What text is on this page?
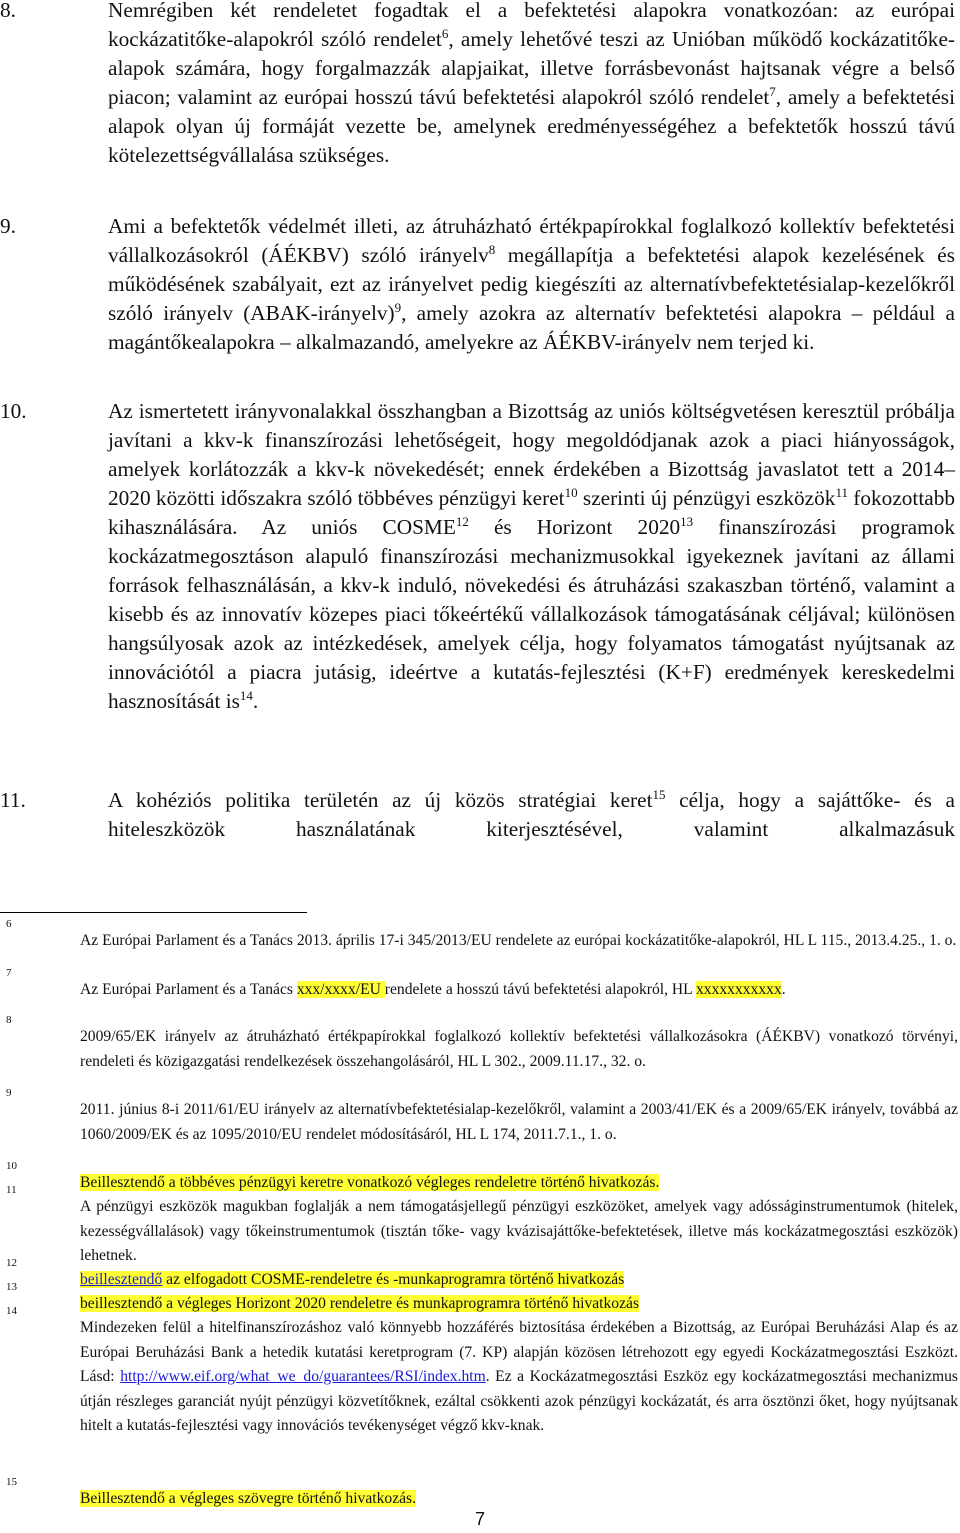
8.	Nemrégiben két rendeletet fogadtak el a befektetési alapokra vonatkozóan: az európai kockázatitőke-alapokról szóló rendelet$^6$, amely lehetővé teszi az Unióban működő kockázatitőke-alapok számára, hogy forgalmazzák alapjaikat, illetve forrásbevonást hajtsanak végre a belső piacon; valamint az európai hosszú távú befektetési alapokról szóló rendelet$^7$, amely a befektetési alapok olyan új formáját vezette be, amelynek eredményességéhez a befektetők hosszú távú kötelezettségvállalása szükséges.
9.	Ami a befektetők védelmét illeti, az átruházható értékpapírokkal foglalkozó kollektív befektetési vállalkozásokról (ÁÉKBV) szóló irányelv$^8$ megállapítja a befektetési alapok kezelésének és működésének szabályait, ezt az irányelvet pedig kiegészíti az alternatívbefektetésialap-kezelőkről szóló irányelv (ABAK-irányelv)$^9$, amely azokra az alternatív befektetési alapokra – például a magántőkealapokra – alkalmazandó, amelyekre az ÁÉKBV-irányelv nem terjed ki.
10.	Az ismertetett irányvonalakkal összhangban a Bizottság az uniós költségvetésen keresztül próbálja javítani a kkv-k finanszírozási lehetőségeit, hogy megoldódjanak azok a piaci hiányosságok, amelyek korlátozzák a kkv-k növekedését; ennek érdekében a Bizottság javaslatot tett a 2014–2020 közötti időszakra szóló többéves pénzügyi keret$^{10}$ szerinti új pénzügyi eszközök$^{11}$ fokozottabb kihasználására. Az uniós COSME$^{12}$ és Horizont 2020$^{13}$ finanszírozási programok kockázatmegosztáson alapuló finanszírozási mechanizmusokkal igyekeznek javítani az állami források felhasználásán, a kkv-k induló, növekedési és átruházási szakaszban történő, valamint a kisebb és az innovatív közepes piaci tőkeértékű vállalkozások támogatásának céljával; különösen hangsúlyosak azok az intézkedések, amelyek célja, hogy folyamatos támogatást nyújtsanak az innovációtól a piacra jutásig, ideértve a kutatás-fejlesztési (K+F) eredmények kereskedelmi hasznosítását $is^{14}$.
11.	A kohéziós politika területén az új közös stratégiai keret$^{15}$ célja, hogy a sajáttőke- és a hiteleszközök használatának kiterjesztésével, valamint alkalmazásuk
6
Az Európai Parlament és a Tanács 2013. április 17-i 345/2013/EU rendelete az európai kockázatitőke-alapokról, HL L 115., 2013.4.25., 1. o.
7
Az Európai Parlament és a Tanács xxx/xxxx/EU rendelete a hosszú távú befektetési alapokról, HL xxxxxxxxxxx.
8
2009/65/EK irányelv az átruházható értékpapírokkal foglalkozó kollektív befektetési vállalkozásokra (ÁÉKBV) vonatkozó törvényi, rendeleti és közigazgatási rendelkezések összehangolásáról, HL L 302., 2009.11.17., 32. o.
9
2011. június 8-i 2011/61/EU irányelv az alternatívbefektetésialap-kezelőkről, valamint a 2003/41/EK és a 2009/65/EK irányelv, továbbá az 1060/2009/EK és az 1095/2010/EU rendelet módosításáról, HL L 174, 2011.7.1., 1. o.
10
Beillesztendő a többéves pénzügyi keretre vonatkozó végleges rendeletre történő hivatkozás.
11
A pénzügyi eszközök magukban foglalják a nem támogatásjellegű pénzügyi eszközöket, amelyek vagy adósságinstrumentumok (hitelek, kezességvállalások) vagy tőkeinstrumentumok (tisztán tőke- vagy kvázisajáttőke-befektetések, illetve más kockázatmegosztási eszközök) lehetnek.
12
beillesztendő az elfogadott COSME-rendeletre és -munkaprogramra történő hivatkozás
13
beillesztendő a végleges Horizont 2020 rendeletre és munkaprogramra történő hivatkozás
14
Mindezeken felül a hitelfinanszírozáshoz való könnyebb hozzáférés biztosítása érdekében a Bizottság, az Európai Beruházási Alap és az Európai Beruházási Bank a hetedik kutatási keretprogram (7. KP) alapján közösen létrehozott egy egyedi Kockázatmegosztási Eszközt. Lásd: http://www.eif.org/what_we_do/guarantees/RSI/index.htm. Ez a Kockázatmegosztási Eszköz egy kockázatmegosztási mechanizmus útján részleges garanciát nyújt pénzügyi közvetítőknek, ezáltal csökkenti azok pénzügyi kockázatát, és arra ösztönzi őket, hogy nyújtsanak hitelt a kutatás-fejlesztési vagy innovációs tevékenységet végző kkv-knak.
15
Beillesztendő a végleges szövegre történő hivatkozás.
7
